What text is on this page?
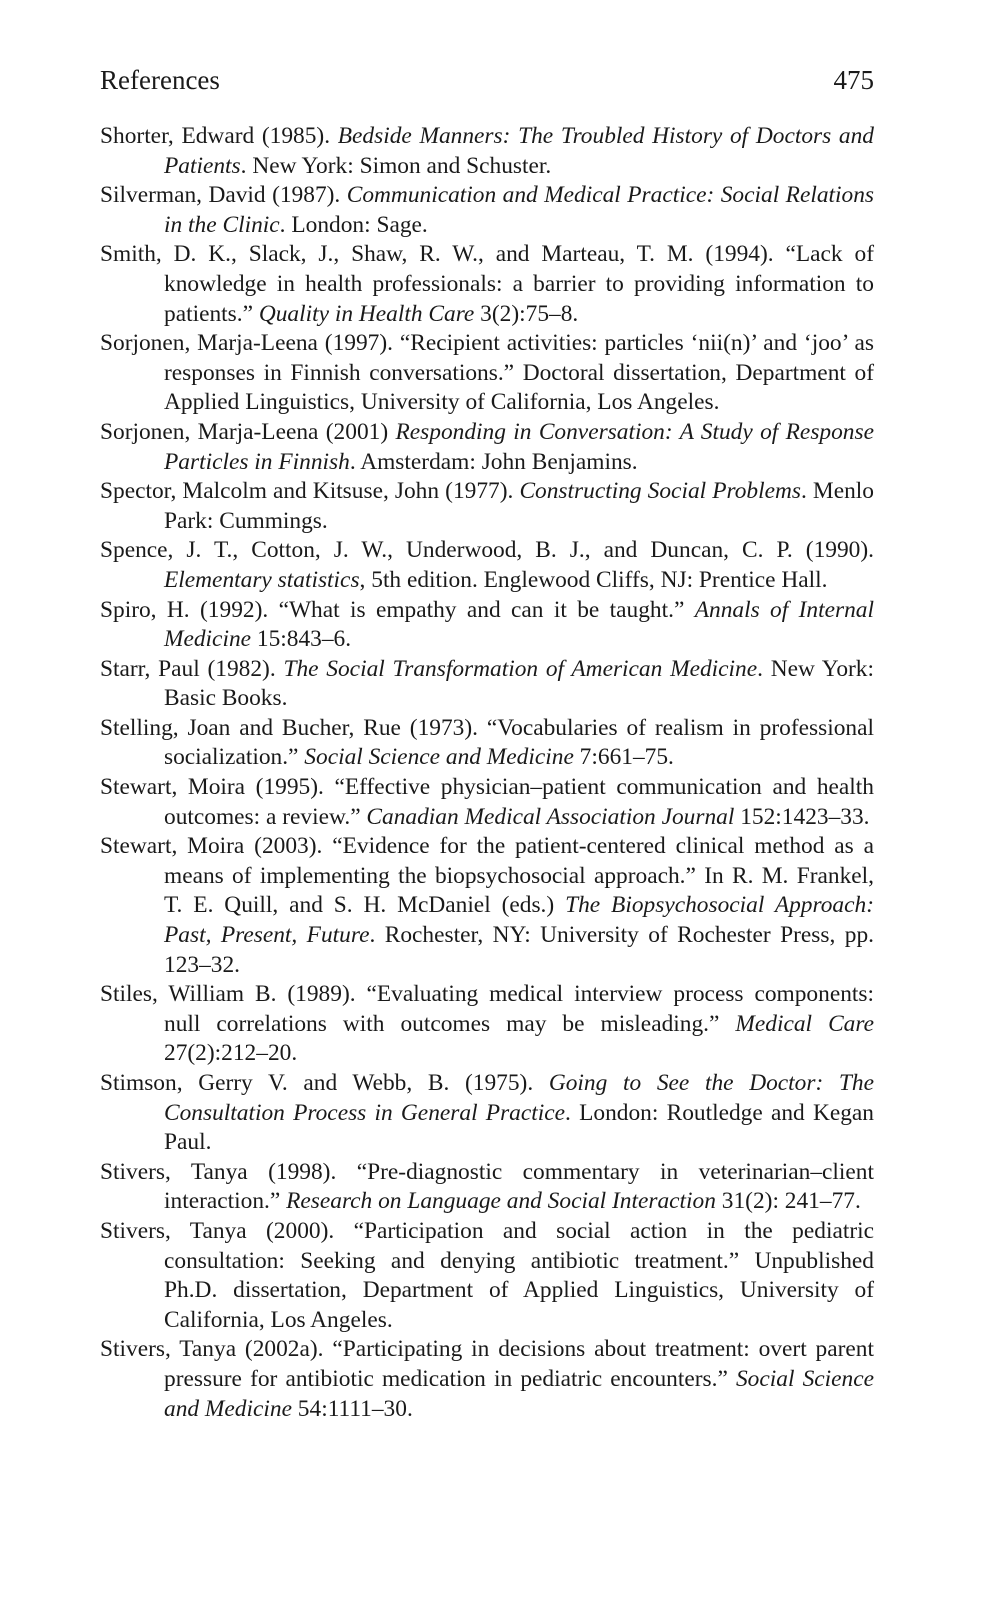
References	475

Shorter, Edward (1985). Bedside Manners: The Troubled History of Doctors and Patients. New York: Simon and Schuster.

Silverman, David (1987). Communication and Medical Practice: Social Relations in the Clinic. London: Sage.

Smith, D. K., Slack, J., Shaw, R. W., and Marteau, T. M. (1994). “Lack of knowledge in health professionals: a barrier to providing information to patients.” Quality in Health Care 3(2):75–8.

Sorjonen, Marja-Leena (1997). “Recipient activities: particles ‘nii(n)’ and ‘joo’ as responses in Finnish conversations.” Doctoral dissertation, Department of Applied Linguistics, University of California, Los Angeles.

Sorjonen, Marja-Leena (2001) Responding in Conversation: A Study of Response Particles in Finnish. Amsterdam: John Benjamins.

Spector, Malcolm and Kitsuse, John (1977). Constructing Social Problems. Menlo Park: Cummings.

Spence, J. T., Cotton, J. W., Underwood, B. J., and Duncan, C. P. (1990). Elementary statistics, 5th edition. Englewood Cliffs, NJ: Prentice Hall.

Spiro, H. (1992). “What is empathy and can it be taught.” Annals of Internal Medicine 15:843–6.

Starr, Paul (1982). The Social Transformation of American Medicine. New York: Basic Books.

Stelling, Joan and Bucher, Rue (1973). “Vocabularies of realism in professional socialization.” Social Science and Medicine 7:661–75.

Stewart, Moira (1995). “Effective physician–patient communication and health outcomes: a review.” Canadian Medical Association Journal 152:1423–33.

Stewart, Moira (2003). “Evidence for the patient-centered clinical method as a means of implementing the biopsychosocial approach.” In R. M. Frankel, T. E. Quill, and S. H. McDaniel (eds.) The Biopsychosocial Approach: Past, Present, Future. Rochester, NY: University of Rochester Press, pp. 123–32.

Stiles, William B. (1989). “Evaluating medical interview process components: null correlations with outcomes may be misleading.” Medical Care 27(2):212–20.

Stimson, Gerry V. and Webb, B. (1975). Going to See the Doctor: The Consultation Process in General Practice. London: Routledge and Kegan Paul.

Stivers, Tanya (1998). “Pre-diagnostic commentary in veterinarian–client interaction.” Research on Language and Social Interaction 31(2): 241–77.

Stivers, Tanya (2000). “Participation and social action in the pediatric consultation: Seeking and denying antibiotic treatment.” Unpublished Ph.D. dissertation, Department of Applied Linguistics, University of California, Los Angeles.

Stivers, Tanya (2002a). “Participating in decisions about treatment: overt parent pressure for antibiotic medication in pediatric encounters.” Social Science and Medicine 54:1111–30.
